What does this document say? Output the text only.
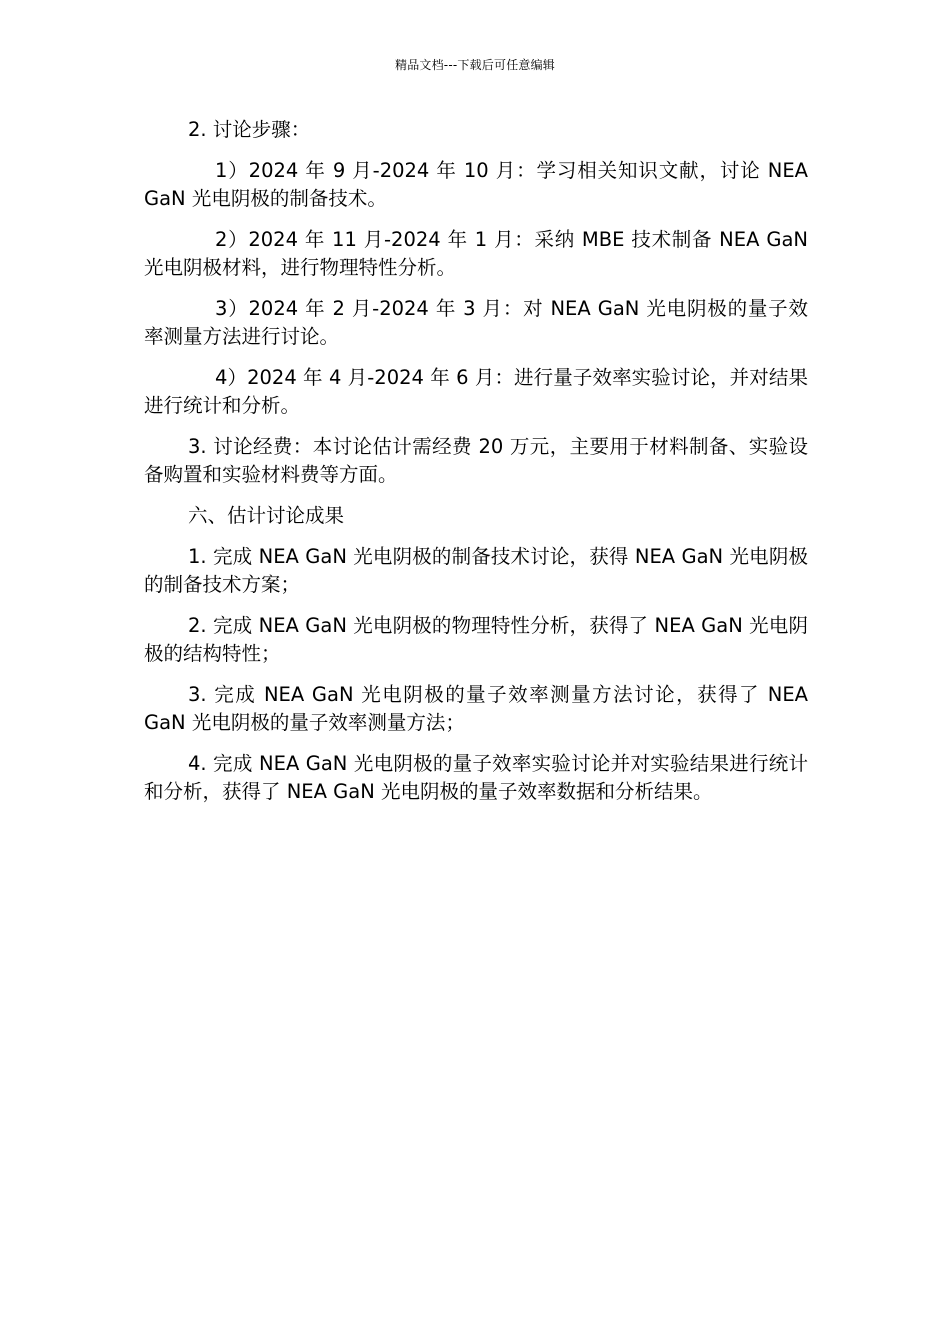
精品文档---下载后可任意编辑

2. 讨论步骤：

1）2024 年 9 月-2024 年 10 月：学习相关知识文献，讨论 NEA GaN 光电阴极的制备技术。

2）2024 年 11 月-2024 年 1 月：采纳 MBE 技术制备 NEA GaN 光电阴极材料，进行物理特性分析。

3）2024 年 2 月-2024 年 3 月：对 NEA GaN 光电阴极的量子效率测量方法进行讨论。

4）2024 年 4 月-2024 年 6 月：进行量子效率实验讨论，并对结果进行统计和分析。

3. 讨论经费：本讨论估计需经费 20 万元，主要用于材料制备、实验设备购置和实验材料费等方面。

六、估计讨论成果

1. 完成 NEA GaN 光电阴极的制备技术讨论，获得 NEA GaN 光电阴极的制备技术方案；

2. 完成 NEA GaN 光电阴极的物理特性分析，获得了 NEA GaN 光电阴极的结构特性；

3. 完成 NEA GaN 光电阴极的量子效率测量方法讨论，获得了 NEA GaN 光电阴极的量子效率测量方法；

4. 完成 NEA GaN 光电阴极的量子效率实验讨论并对实验结果进行统计和分析，获得了 NEA GaN 光电阴极的量子效率数据和分析结果。
